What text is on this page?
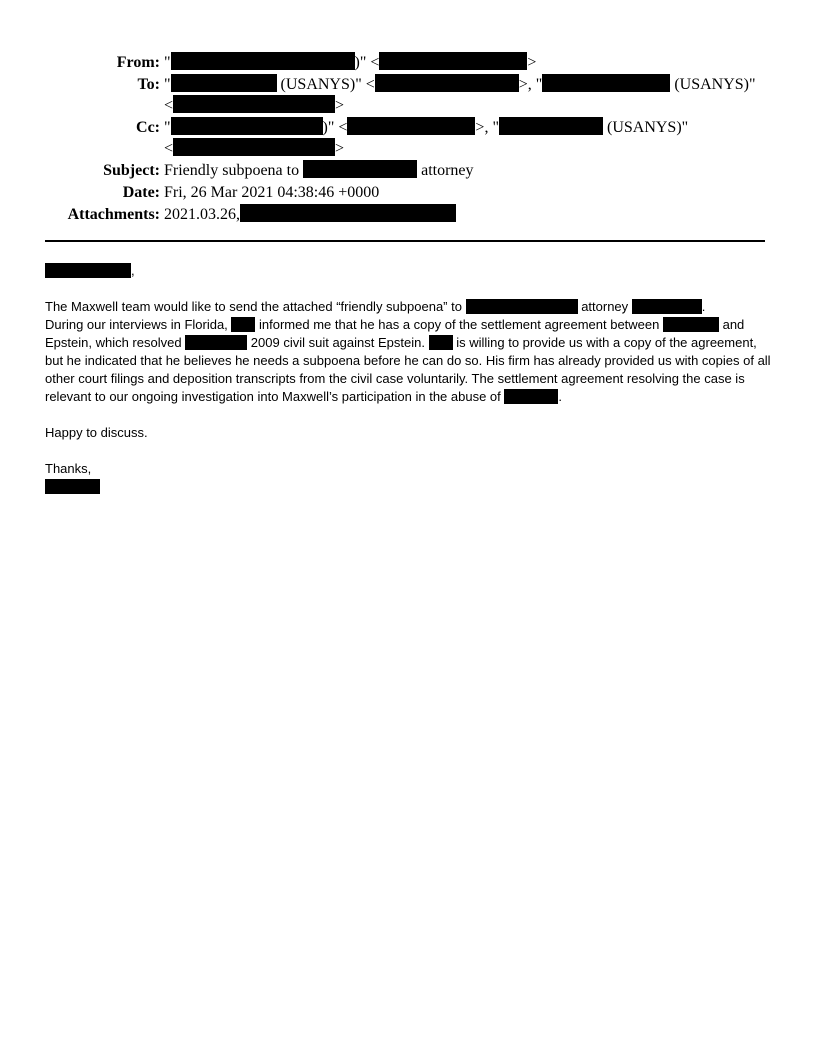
From: "	)" <	>
To: "	(USANYS)" <	>, "	(USANYS)"
<	>
Cc: "	)" <	>, "	(USANYS)"
<	>
Subject: Friendly subpoena to	attorney
Date: Fri, 26 Mar 2021 04:38:46 +0000
Attachments: 2021.03.26,

,

The Maxwell team would like to send the attached “friendly subpoena” to	attorney	.
During our interviews in Florida,  informed me that he has a copy of the settlement agreement between	and Epstein, which resolved	2009 civil suit against Epstein.  is willing to provide us with a copy of the agreement, but he indicated that he believes he needs a subpoena before he can do so. His firm has already provided us with copies of all other court filings and deposition transcripts from the civil case voluntarily. The settlement agreement resolving the case is relevant to our ongoing investigation into Maxwell’s participation in the abuse of	.

Happy to discuss.

Thanks,
